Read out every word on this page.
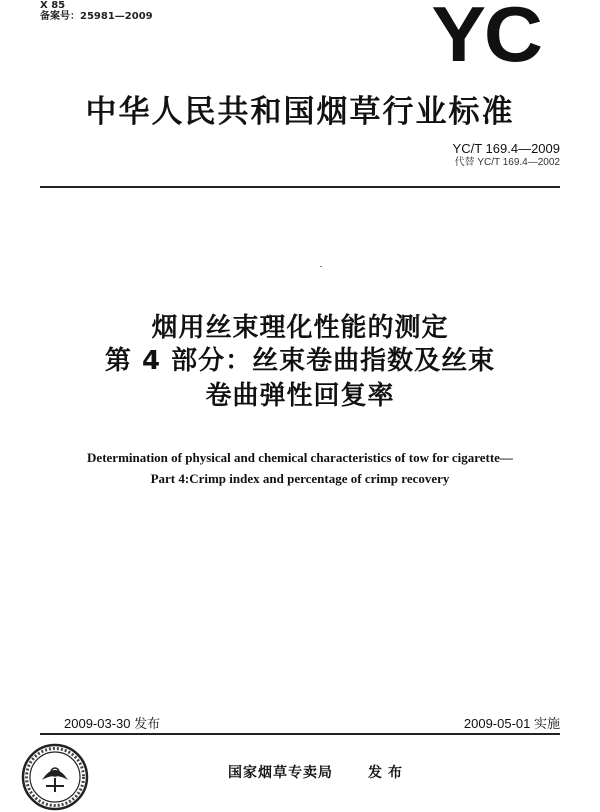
X 85
备案号：25981—2009	YC
中华人民共和国烟草行业标准
YC/T 169.4—2009
代替 YC/T 169.4—2002
烟用丝束理化性能的测定
第 4 部分：丝束卷曲指数及丝束
卷曲弹性回复率
Determination of physical and chemical characteristics of tow for cigarette—
Part 4:Crimp index and percentage of crimp recovery
2009-03-30 发布	2009-05-01 实施
国家烟草专卖局	发布
